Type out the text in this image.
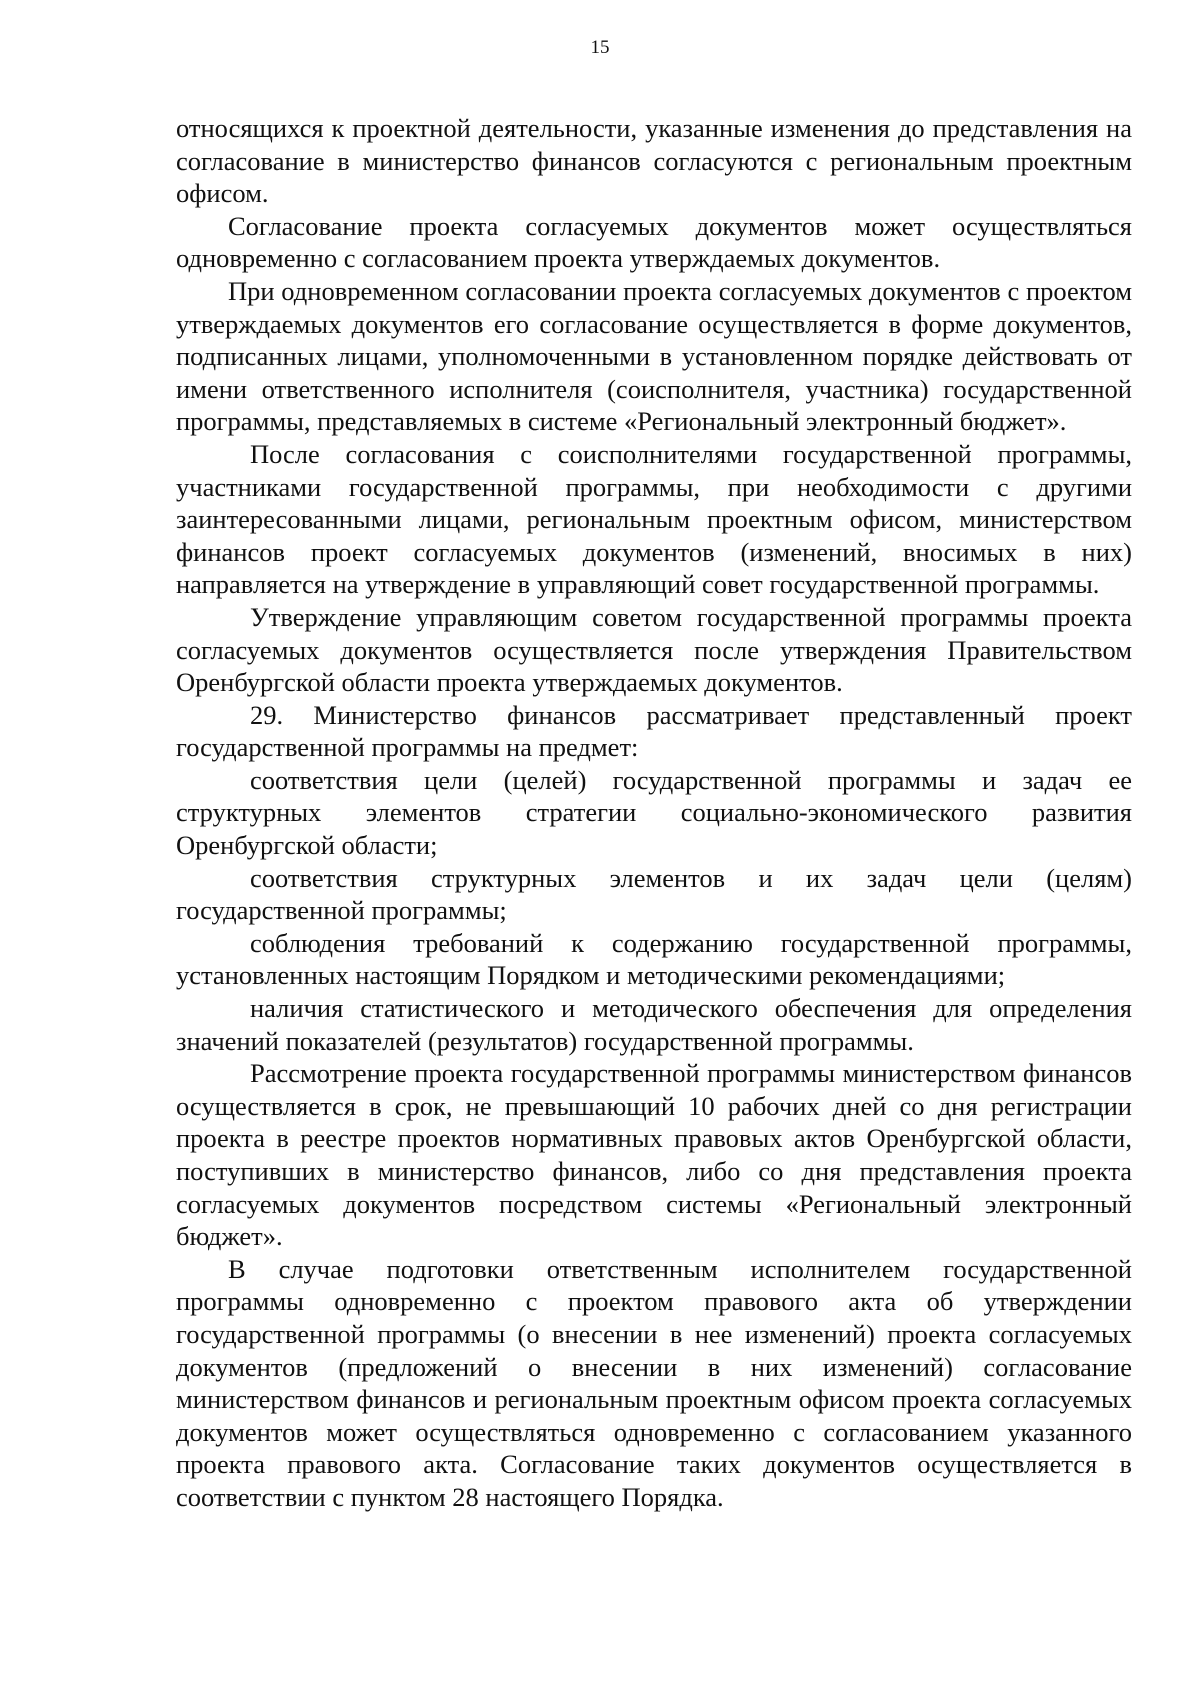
15

относящихся к проектной деятельности, указанные изменения до представления на согласование в министерство финансов согласуются с региональным проектным офисом.

Согласование проекта согласуемых документов может осуществляться одновременно с согласованием проекта утверждаемых документов.

При одновременном согласовании проекта согласуемых документов с проектом утверждаемых документов его согласование осуществляется в форме документов, подписанных лицами, уполномоченными в установленном порядке действовать от имени ответственного исполнителя (соисполнителя, участника) государственной программы, представляемых в системе «Региональный электронный бюджет».

После согласования с соисполнителями государственной программы, участниками государственной программы, при необходимости с другими заинтересованными лицами, региональным проектным офисом, министерством финансов проект согласуемых документов (изменений, вносимых в них) направляется на утверждение в управляющий совет государственной программы.

Утверждение управляющим советом государственной программы проекта согласуемых документов осуществляется после утверждения Правительством Оренбургской области проекта утверждаемых документов.

29. Министерство финансов рассматривает представленный проект государственной программы на предмет:

соответствия цели (целей) государственной программы и задач ее структурных элементов стратегии социально-экономического развития Оренбургской области;

соответствия структурных элементов и их задач цели (целям) государственной программы;

соблюдения требований к содержанию государственной программы, установленных настоящим Порядком и методическими рекомендациями;

наличия статистического и методического обеспечения для определения значений показателей (результатов) государственной программы.

Рассмотрение проекта государственной программы министерством финансов осуществляется в срок, не превышающий 10 рабочих дней со дня регистрации проекта в реестре проектов нормативных правовых актов Оренбургской области, поступивших в министерство финансов, либо со дня представления проекта согласуемых документов посредством системы «Региональный электронный бюджет».

В случае подготовки ответственным исполнителем государственной программы одновременно с проектом правового акта об утверждении государственной программы (о внесении в нее изменений) проекта согласуемых документов (предложений о внесении в них изменений) согласование министерством финансов и региональным проектным офисом проекта согласуемых документов может осуществляться одновременно с согласованием указанного проекта правового акта. Согласование таких документов осуществляется в соответствии с пунктом 28 настоящего Порядка.
